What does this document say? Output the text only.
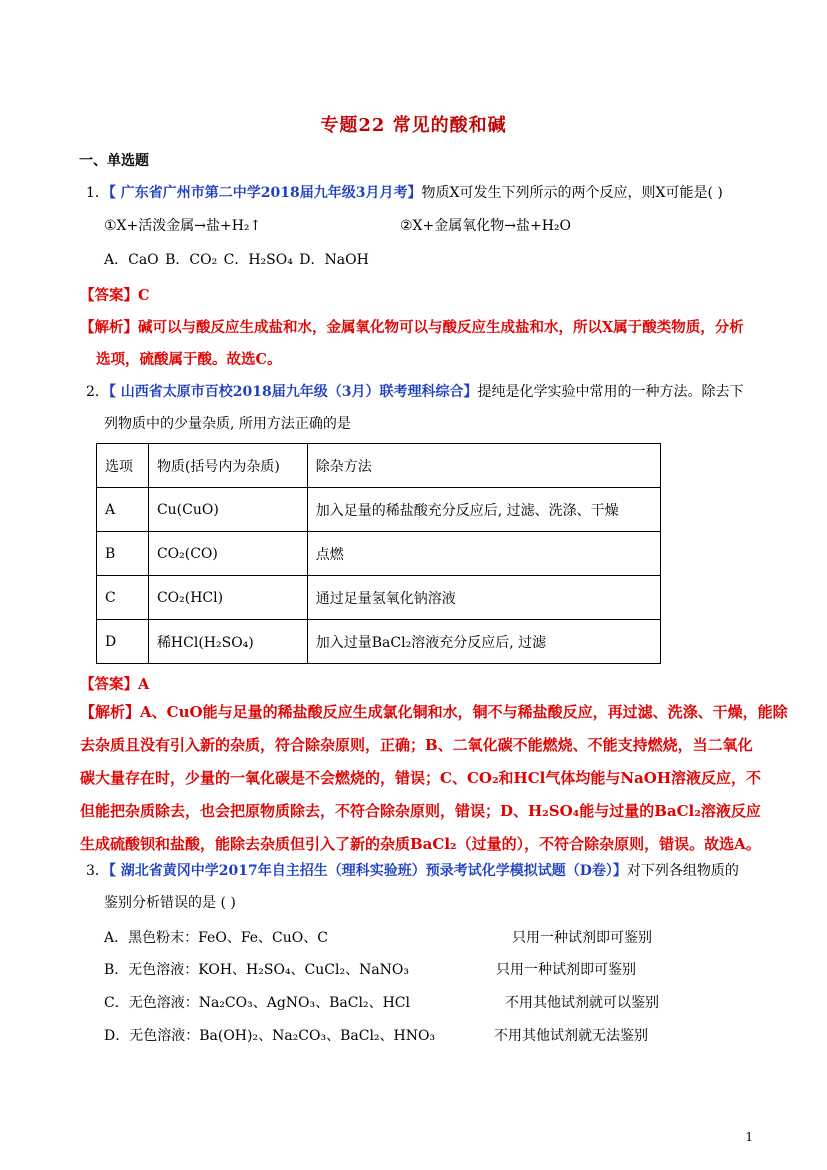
专题22 常见的酸和碱
一、单选题
1．【 广东省广州市第二中学2018届九年级3月月考】物质X可发生下列所示的两个反应，则X可能是( )
①X+活泼金属→盐+H₂↑	②X+金属氧化物→盐+H₂O
A．CaO B．CO₂ C．H₂SO₄ D．NaOH
【答案】C
【解析】碱可以与酸反应生成盐和水，金属氧化物可以与酸反应生成盐和水，所以X属于酸类物质，分析
选项，硫酸属于酸。故选C。
2．【 山西省太原市百校2018届九年级（3月）联考理科综合】提纯是化学实验中常用的一种方法。除去下
列物质中的少量杂质, 所用方法正确的是
选项	物质(括号内为杂质)	除杂方法
A	Cu(CuO)	加入足量的稀盐酸充分反应后, 过滤、洗涤、干燥
B	CO₂(CO)	点燃
C	CO₂(HCl)	通过足量氢氧化钠溶液
D	稀HCl(H₂SO₄)	加入过量BaCl₂溶液充分反应后, 过滤
【答案】A
【解析】A、CuO能与足量的稀盐酸反应生成氯化铜和水，铜不与稀盐酸反应，再过滤、洗涤、干燥，能除
去杂质且没有引入新的杂质，符合除杂原则，正确；B、二氧化碳不能燃烧、不能支持燃烧，当二氧化
碳大量存在时，少量的一氧化碳是不会燃烧的，错误；C、CO₂和HCl气体均能与NaOH溶液反应，不
但能把杂质除去，也会把原物质除去，不符合除杂原则，错误；D、H₂SO₄能与过量的BaCl₂溶液反应
生成硫酸钡和盐酸，能除去杂质但引入了新的杂质BaCl₂（过量的），不符合除杂原则，错误。故选A。
3．【 湖北省黄冈中学2017年自主招生（理科实验班）预录考试化学模拟试题（D卷）】对下列各组物质的
鉴别分析错误的是 ( )
A．黑色粉末：FeO、Fe、CuO、C	只用一种试剂即可鉴别
B．无色溶液：KOH、H₂SO₄、CuCl₂、NaNO₃	只用一种试剂即可鉴别
C．无色溶液：Na₂CO₃、AgNO₃、BaCl₂、HCl	不用其他试剂就可以鉴别
D．无色溶液：Ba(OH)₂、Na₂CO₃、BaCl₂、HNO₃	不用其他试剂就无法鉴别
1
